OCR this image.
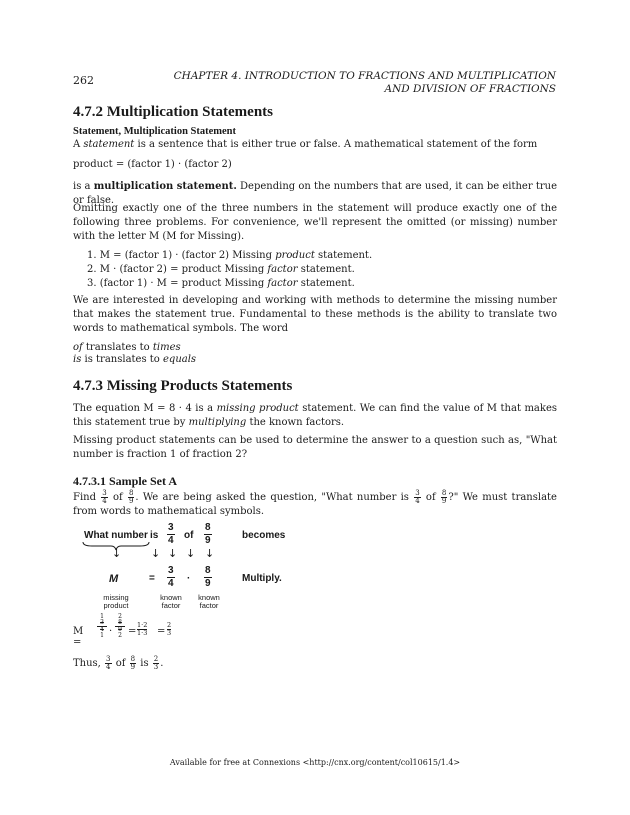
262	CHAPTER 4. INTRODUCTION TO FRACTIONS AND MULTIPLICATION
AND DIVISION OF FRACTIONS
4.7.2 Multiplication Statements
Statement, Multiplication Statement
A statement is a sentence that is either true or false. A mathematical statement of the form
product = (factor 1) · (factor 2)
is a multiplication statement. Depending on the numbers that are used, it can be either true or false.
Omitting exactly one of the three numbers in the statement will produce exactly one of the following three problems. For convenience, we'll represent the omitted (or missing) number with the letter M (M for Missing).
1. M = (factor 1) · (factor 2) Missing product statement.
2. M · (factor 2) = product Missing factor statement.
3. (factor 1) · M = product Missing factor statement.
We are interested in developing and working with methods to determine the missing number that makes the statement true. Fundamental to these methods is the ability to translate two words to mathematical symbols. The word
of translates to times
is is translates to equals
4.7.3 Missing Products Statements
The equation M = 8 · 4 is a missing product statement. We can find the value of M that makes this statement true by multiplying the known factors.
Missing product statements can be used to determine the answer to a question such as, "What number is fraction 1 of fraction 2?
4.7.3.1 Sample Set A
Find $\frac{3}{4}$ of $\frac{8}{9}$ . We are being asked the question, "What number is $\frac{3}{4}$ of $\frac{8}{9}$ ?" We must translate from words to mathematical symbols.
What number is
3
4 of
8
9	becomes
↓	↓ ↓ ↓ ↓
M	=
3
4 ·
8
9	Multiply.
missing
product
known
factor
known
factor
M =
1
3
4
1 ·
2
8
9
2 =
1·2
1·3 =
2
3
Thus, $\frac{3}{4}$ of $\frac{8}{9}$ is $\frac{2}{3}$ .
Available for free at Connexions <http://cnx.org/content/col10615/1.4>
